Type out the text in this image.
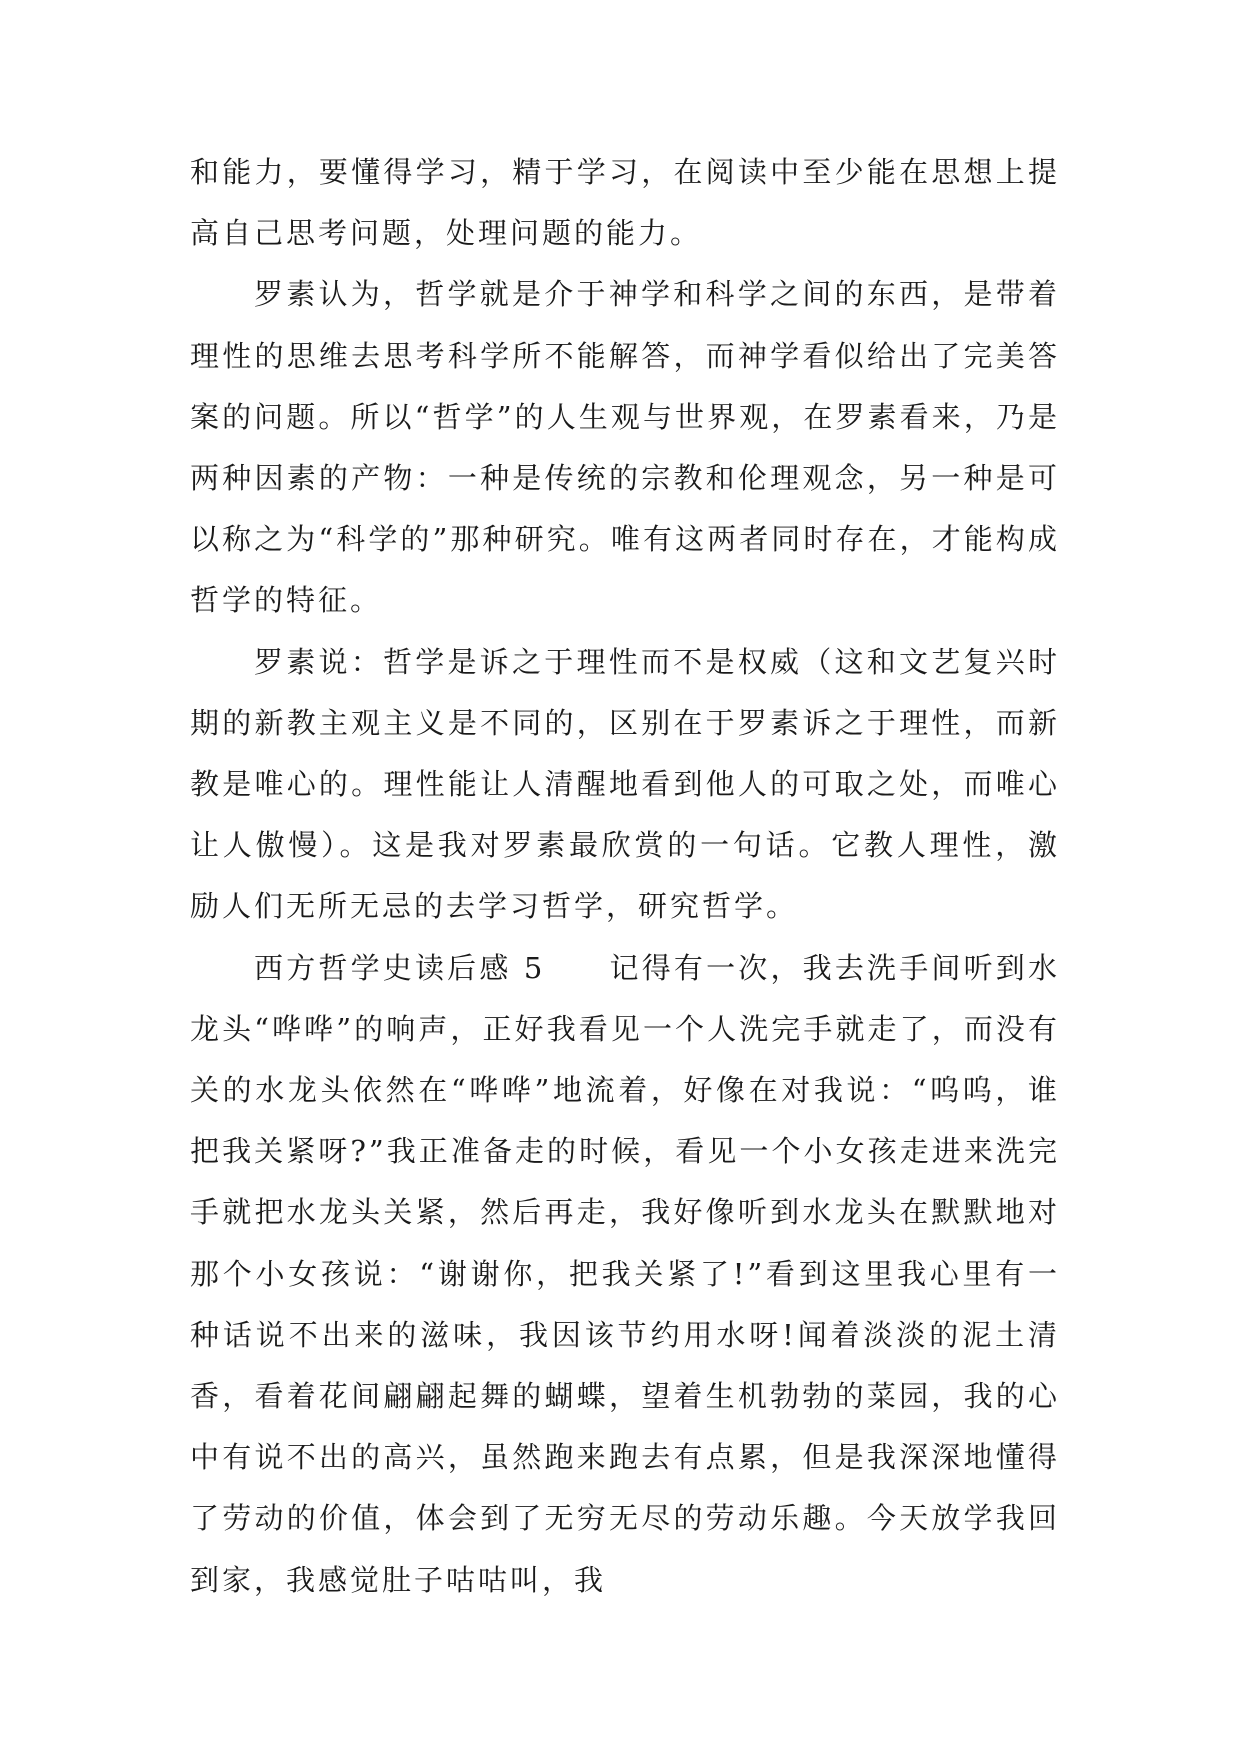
和能力，要懂得学习，精于学习，在阅读中至少能在思想上提高自己思考问题，处理问题的能力。

罗素认为，哲学就是介于神学和科学之间的东西，是带着理性的思维去思考科学所不能解答，而神学看似给出了完美答案的问题。所以“哲学”的人生观与世界观，在罗素看来，乃是两种因素的产物：一种是传统的宗教和伦理观念，另一种是可以称之为“科学的”那种研究。唯有这两者同时存在，才能构成哲学的特征。

罗素说：哲学是诉之于理性而不是权威（这和文艺复兴时期的新教主观主义是不同的，区别在于罗素诉之于理性，而新教是唯心的。理性能让人清醒地看到他人的可取之处，而唯心让人傲慢）。这是我对罗素最欣赏的一句话。它教人理性，激励人们无所无忌的去学习哲学，研究哲学。

西方哲学史读后感 5 记得有一次，我去洗手间听到水龙头“哗哗”的响声，正好我看见一个人洗完手就走了，而没有关的水龙头依然在“哗哗”地流着，好像在对我说：“呜呜，谁把我关紧呀?”我正准备走的时候，看见一个小女孩走进来洗完手就把水龙头关紧，然后再走，我好像听到水龙头在默默地对那个小女孩说：“谢谢你，把我关紧了!”看到这里我心里有一种话说不出来的滋味，我因该节约用水呀!闻着淡淡的泥土清香，看着花间翩翩起舞的蝴蝶，望着生机勃勃的菜园，我的心中有说不出的高兴，虽然跑来跑去有点累，但是我深深地懂得了劳动的价值，体会到了无穷无尽的劳动乐趣。今天放学我回到家，我感觉肚子咕咕叫，我
